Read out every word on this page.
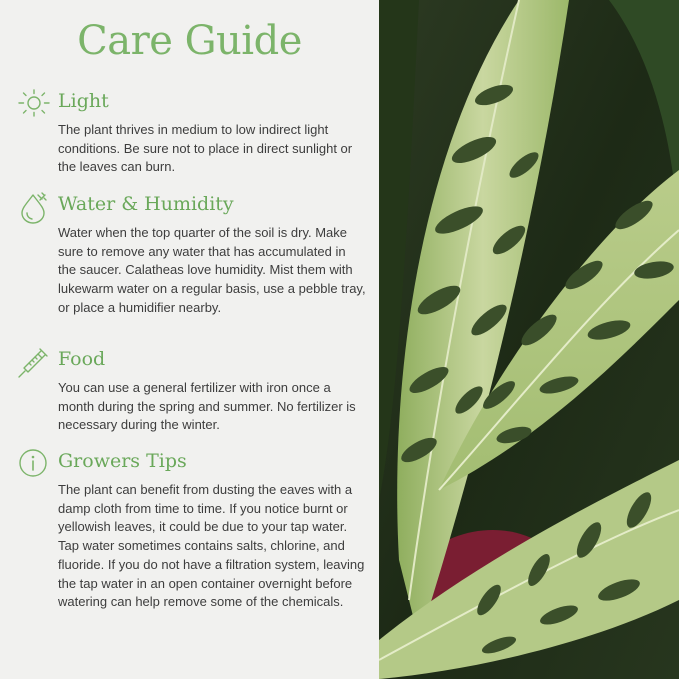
Care Guide
Light
The plant thrives in medium to low indirect light conditions. Be sure not to place in direct sunlight or the leaves can burn.
Water & Humidity
Water when the top quarter of the soil is dry. Make sure to remove any water that has accumulated in the saucer. Calatheas love humidity. Mist them with lukewarm water on a regular basis, use a pebble tray, or place a humidifier nearby.
Food
You can use a general fertilizer with iron once a month during the spring and summer. No fertilizer is necessary during the winter.
Growers Tips
The plant can benefit from dusting the eaves with a damp cloth from time to time. If you notice burnt or yellowish leaves, it could be due to your tap water. Tap water sometimes contains salts, chlorine, and fluoride. If you do not have a filtration system, leaving the tap water in an open container overnight before watering can help remove some of the chemicals.
